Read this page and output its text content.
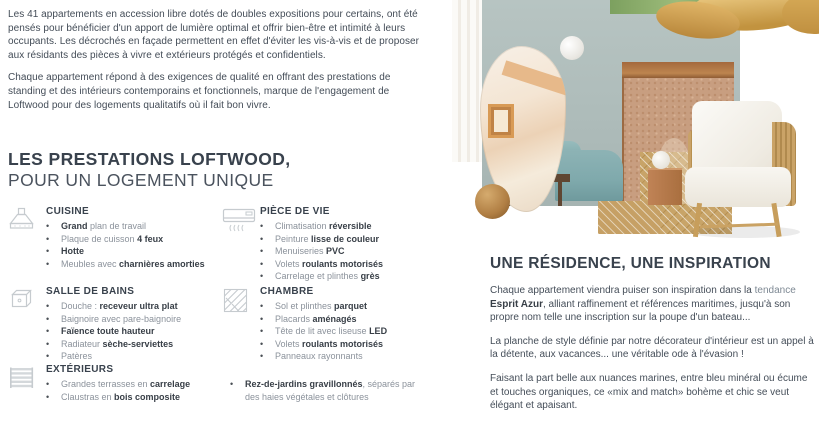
Les 41 appartements en accession libre dotés de doubles expositions pour certains, ont été pensés pour bénéficier d'un apport de lumière optimal et offrir bien-être et intimité à leurs occupants. Les décrochés en façade permettent en effet d'éviter les vis-à-vis et de proposer aux résidants des pièces à vivre et extérieurs protégés et confidentiels.

Chaque appartement répond à des exigences de qualité en offrant des prestations de standing et des intérieurs contemporains et fonctionnels, marque de l'engagement de Loftwood pour des logements qualitatifs où il fait bon vivre.

LES PRESTATIONS LOFTWOOD,
POUR UN LOGEMENT UNIQUE
CUISINE
•	Grand plan de travail
•	Plaque de cuisson 4 feux
•	Hotte
•	Meubles avec charnières amorties
PIÈCE DE VIE
•	Climatisation réversible
•	Peinture lisse de couleur
•	Menuiseries PVC
•	Volets roulants motorisés
•	Carrelage et plinthes grès
SALLE DE BAINS
•	Douche : receveur ultra plat
•	Baignoire avec pare-baignoire
•	Faïence toute hauteur
•	Radiateur sèche-serviettes
•	Patères
CHAMBRE
•	Sol et plinthes parquet
•	Placards aménagés
•	Tête de lit avec liseuse LED
•	Volets roulants motorisés
•	Panneaux rayonnants
EXTÉRIEURS
•	Grandes terrasses en carrelage
•	Claustras en bois composite
•	Rez-de-jardins gravillonnés, séparés par des haies végétales et clôtures
UNE RÉSIDENCE, UNE INSPIRATION

Chaque appartement viendra puiser son inspiration dans la tendance Esprit Azur, alliant raffinement et références maritimes, jusqu'à son propre nom telle une inscription sur la poupe d'un bateau...

La planche de style définie par notre décorateur d'intérieur est un appel à la détente, aux vacances... une véritable ode à l'évasion !

Faisant la part belle aux nuances marines, entre bleu minéral ou écume et touches organiques, ce «mix and match» bohème et chic se veut élégant et apaisant.
